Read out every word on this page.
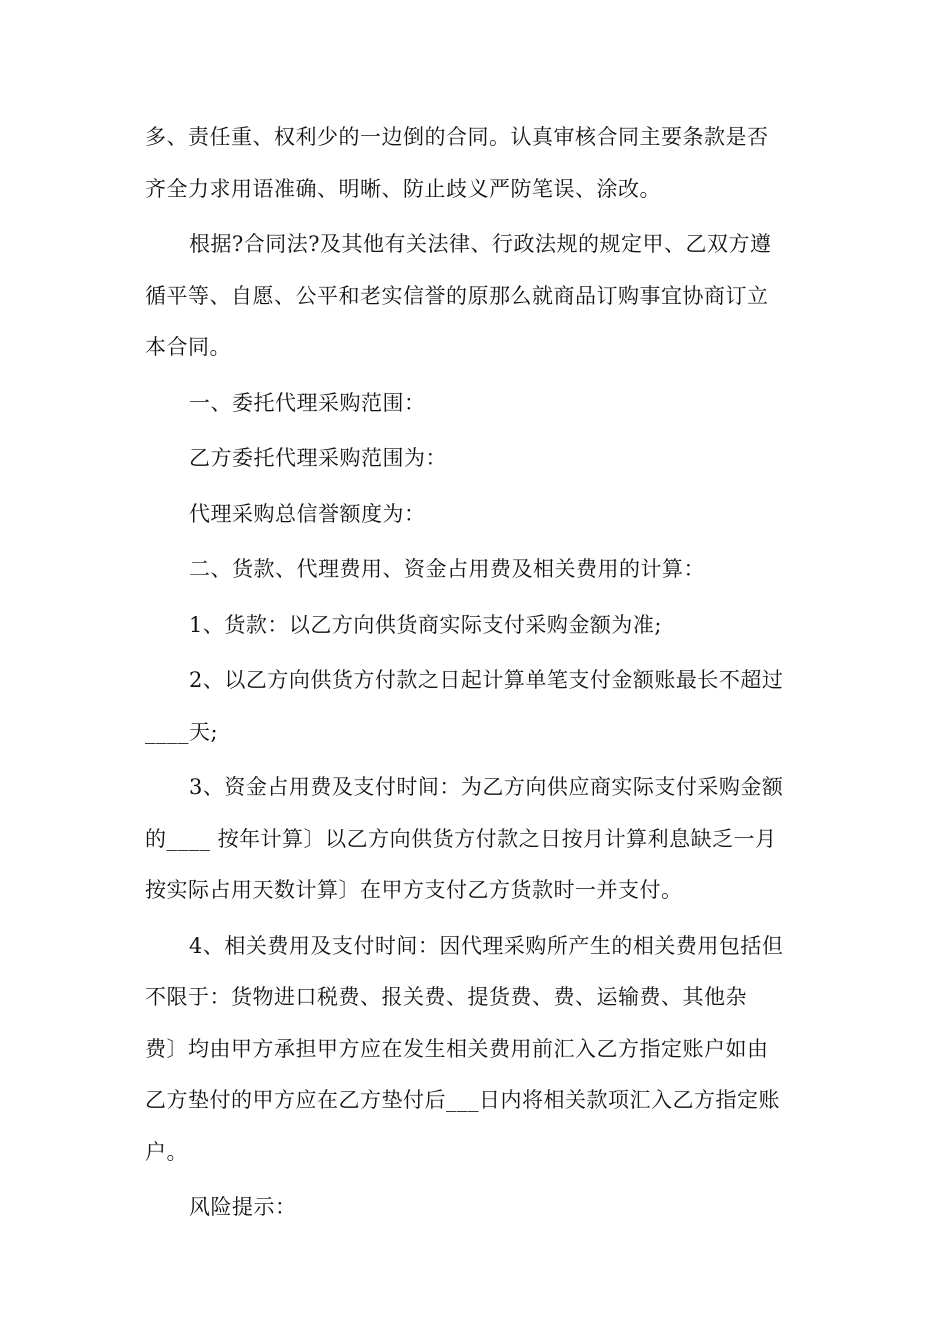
多、责任重、权利少的一边倒的合同。认真审核合同主要条款是否
齐全力求用语准确、明晰、防止歧义严防笔误、涂改。

根据?合同法?及其他有关法律、行政法规的规定甲、乙双方遵
循平等、自愿、公平和老实信誉的原那么就商品订购事宜协商订立
本合同。

一、委托代理采购范围：

乙方委托代理采购范围为：

代理采购总信誉额度为：

二、货款、代理费用、资金占用费及相关费用的计算：

1、货款：以乙方向供货商实际支付采购金额为准;

2、以乙方向供货方付款之日起计算单笔支付金额账最长不超过
____天;

3、资金占用费及支付时间：为乙方向供应商实际支付采购金额
的____ 按年计算〕以乙方向供货方付款之日按月计算利息缺乏一月
按实际占用天数计算〕在甲方支付乙方货款时一并支付。

4、相关费用及支付时间：因代理采购所产生的相关费用包括但
不限于：货物进口税费、报关费、提货费、费、运输费、其他杂
费〕均由甲方承担甲方应在发生相关费用前汇入乙方指定账户如由
乙方垫付的甲方应在乙方垫付后___日内将相关款项汇入乙方指定账
户。

风险提示：
